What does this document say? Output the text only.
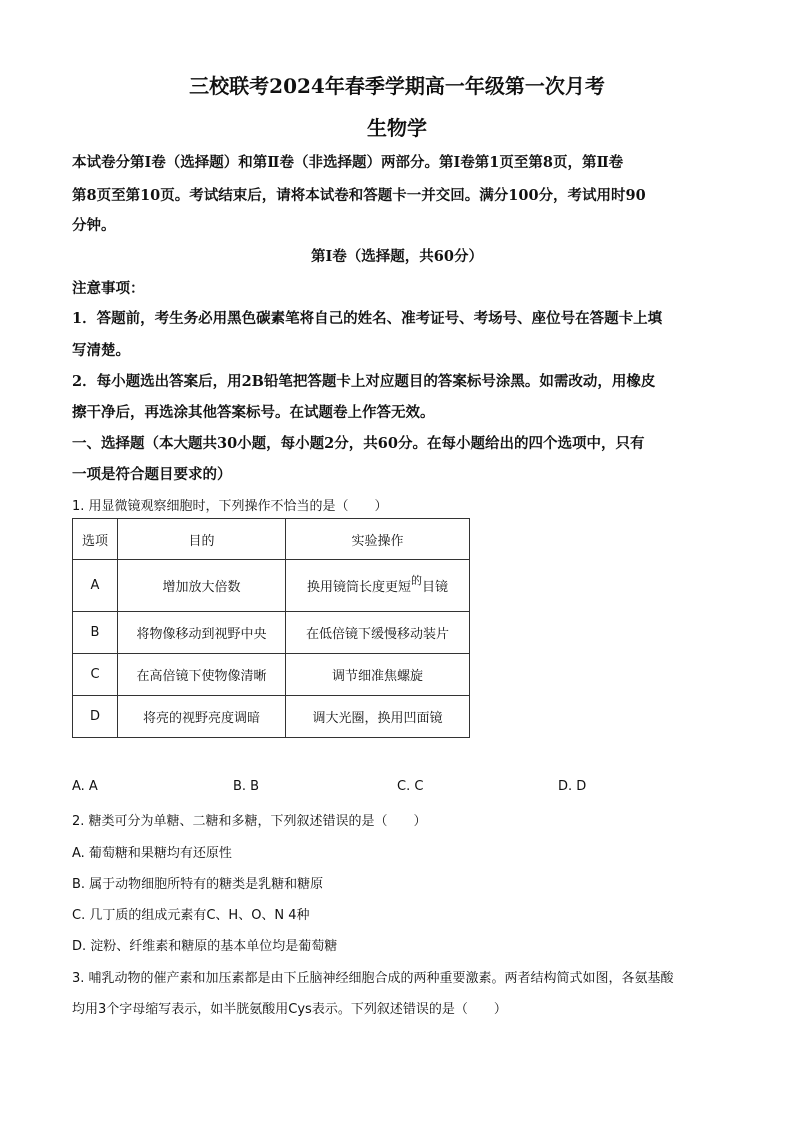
三校联考2024年春季学期高一年级第一次月考
生物学
本试卷分第Ⅰ卷（选择题）和第Ⅱ卷（非选择题）两部分。第Ⅰ卷第1页至第8页，第Ⅱ卷
第8页至第10页。考试结束后，请将本试卷和答题卡一并交回。满分100分，考试用时90
分钟。
第Ⅰ卷（选择题，共60分）
注意事项：
1．答题前，考生务必用黑色碳素笔将自己的姓名、准考证号、考场号、座位号在答题卡上填
写清楚。
2．每小题选出答案后，用2B铅笔把答题卡上对应题目的答案标号涂黑。如需改动，用橡皮
擦干净后，再选涂其他答案标号。在试题卷上作答无效。
一、选择题（本大题共30小题，每小题2分，共60分。在每小题给出的四个选项中，只有
一项是符合题目要求的）
1. 用显微镜观察细胞时，下列操作不恰当的是（　　）
选项	目的	实验操作
A	增加放大倍数	换用镜筒长度更短$^的$目镜
B	将物像移动到视野中央	在低倍镜下缓慢移动装片
C	在高倍镜下使物像清晰	调节细准焦螺旋
D	将亮的视野亮度调暗	调大光圈，换用凹面镜
A. A	B. B	C. C	D. D
2. 糖类可分为单糖、二糖和多糖，下列叙述错误的是（　　）
A. 葡萄糖和果糖均有还原性
B. 属于动物细胞所特有的糖类是乳糖和糖原
C. 几丁质的组成元素有C、H、O、N 4种
D. 淀粉、纤维素和糖原的基本单位均是葡萄糖
3. 哺乳动物的催产素和加压素都是由下丘脑神经细胞合成的两种重要激素。两者结构简式如图，各氨基酸
均用3个字母缩写表示，如半胱氨酸用Cys表示。下列叙述错误的是（　　）
